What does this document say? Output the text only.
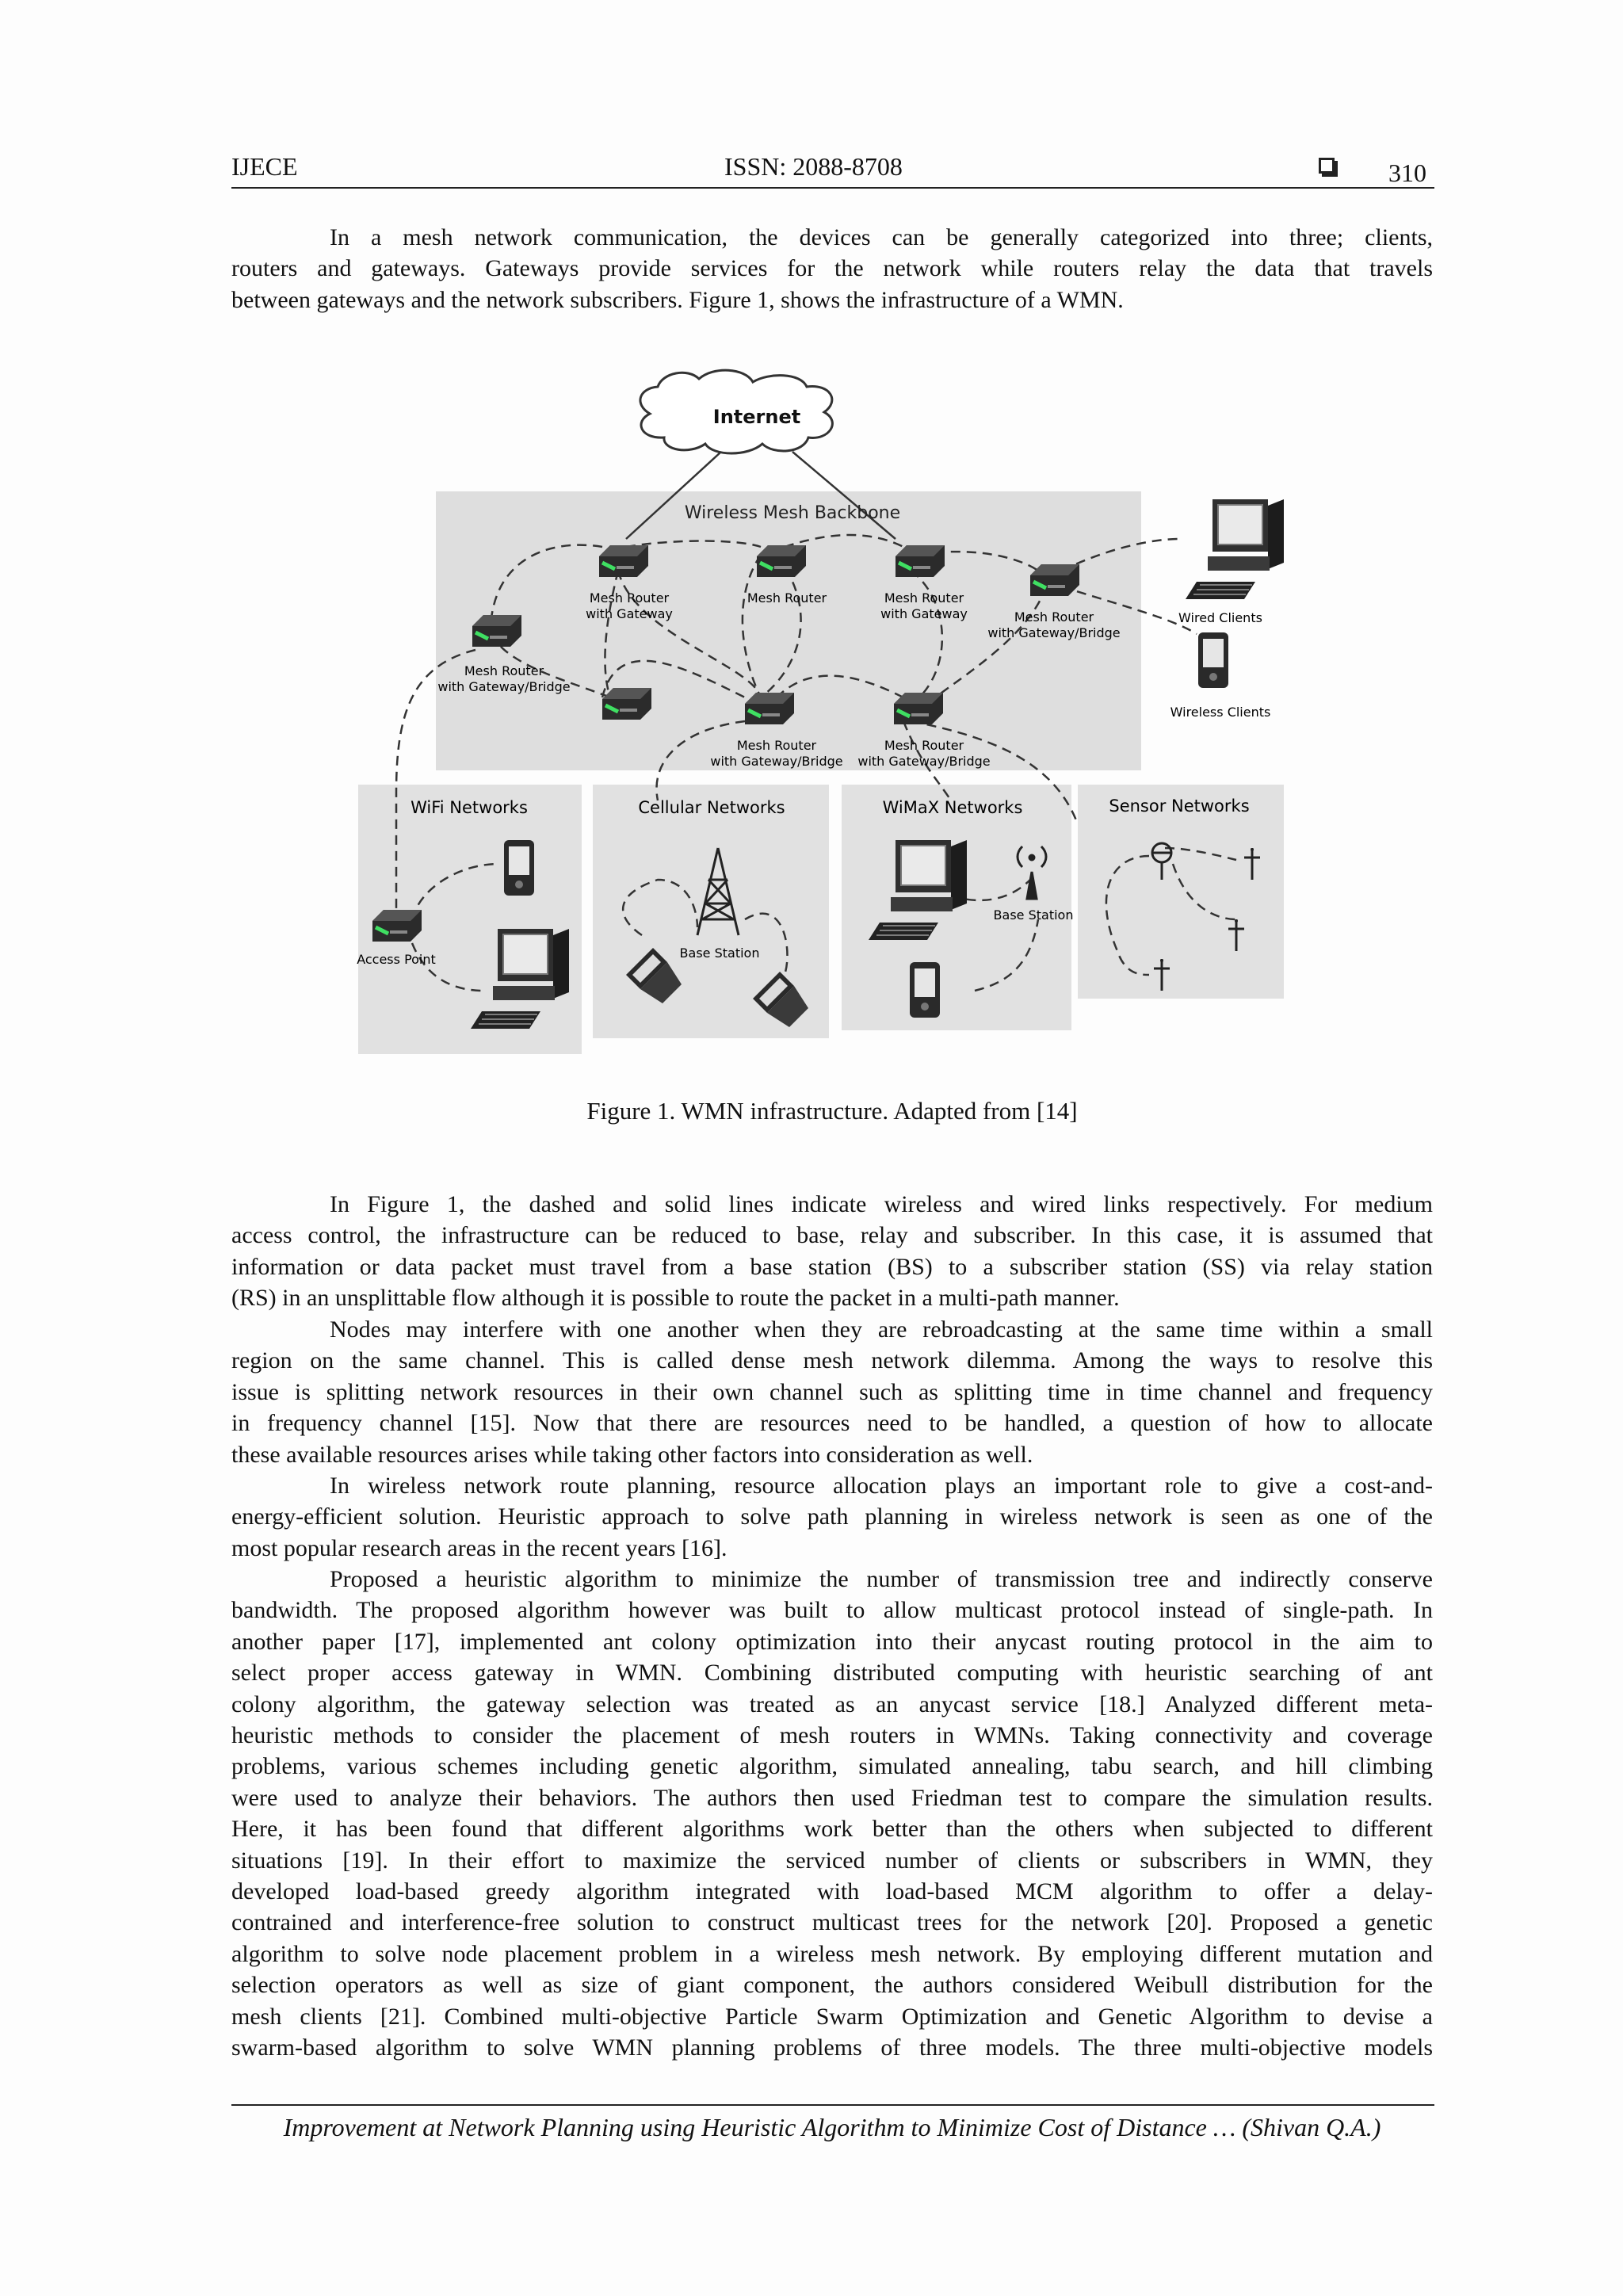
IJECE	ISSN: 2088-8708	310
In a mesh network communication, the devices can be generally categorized into three; clients,
routers and gateways. Gateways provide services for the network while routers relay the data that travels
between gateways and the network subscribers. Figure 1, shows the infrastructure of a WMN.
Internet
Wireless Mesh Backbone
Mesh Router
with Gateway
Mesh Router	Mesh Router
with Gateway	Mesh Router
with Gateway/Bridge
Mesh Router
with Gateway/Bridge
Mesh Router
with Gateway/Bridge
Mesh Router
with Gateway/Bridge
Wired Clients
Wireless Clients
WiFi Networks	Cellular Networks	WiMaX Networks	Sensor Networks
Access Point	Base Station
Base Station
Figure 1. WMN infrastructure. Adapted from [14]
In Figure 1, the dashed and solid lines indicate wireless and wired links respectively. For medium
access control, the infrastructure can be reduced to base, relay and subscriber. In this case, it is assumed that
information or data packet must travel from a base station (BS) to a subscriber station (SS) via relay station
(RS) in an unsplittable flow although it is possible to route the packet in a multi-path manner.
Nodes may interfere with one another when they are rebroadcasting at the same time within a small
region on the same channel. This is called dense mesh network dilemma. Among the ways to resolve this
issue is splitting network resources in their own channel such as splitting time in time channel and frequency
in frequency channel [15]. Now that there are resources need to be handled, a question of how to allocate
these available resources arises while taking other factors into consideration as well.
In wireless network route planning, resource allocation plays an important role to give a cost-and-
energy-efficient solution. Heuristic approach to solve path planning in wireless network is seen as one of the
most popular research areas in the recent years [16].
Proposed a heuristic algorithm to minimize the number of transmission tree and indirectly conserve
bandwidth. The proposed algorithm however was built to allow multicast protocol instead of single-path. In
another paper [17], implemented ant colony optimization into their anycast routing protocol in the aim to
select proper access gateway in WMN. Combining distributed computing with heuristic searching of ant
colony algorithm, the gateway selection was treated as an anycast service [18.] Analyzed different meta-
heuristic methods to consider the placement of mesh routers in WMNs. Taking connectivity and coverage
problems, various schemes including genetic algorithm, simulated annealing, tabu search, and hill climbing
were used to analyze their behaviors. The authors then used Friedman test to compare the simulation results.
Here, it has been found that different algorithms work better than the others when subjected to different
situations [19]. In their effort to maximize the serviced number of clients or subscribers in WMN, they
developed load-based greedy algorithm integrated with load-based MCM algorithm to offer a delay-
contrained and interference-free solution to construct multicast trees for the network [20]. Proposed a genetic
algorithm to solve node placement problem in a wireless mesh network. By employing different mutation and
selection operators as well as size of giant component, the authors considered Weibull distribution for the
mesh clients [21]. Combined multi-objective Particle Swarm Optimization and Genetic Algorithm to devise a
swarm-based algorithm to solve WMN planning problems of three models. The three multi-objective models
Improvement at Network Planning using Heuristic Algorithm to Minimize Cost of Distance … (Shivan Q.A.)
